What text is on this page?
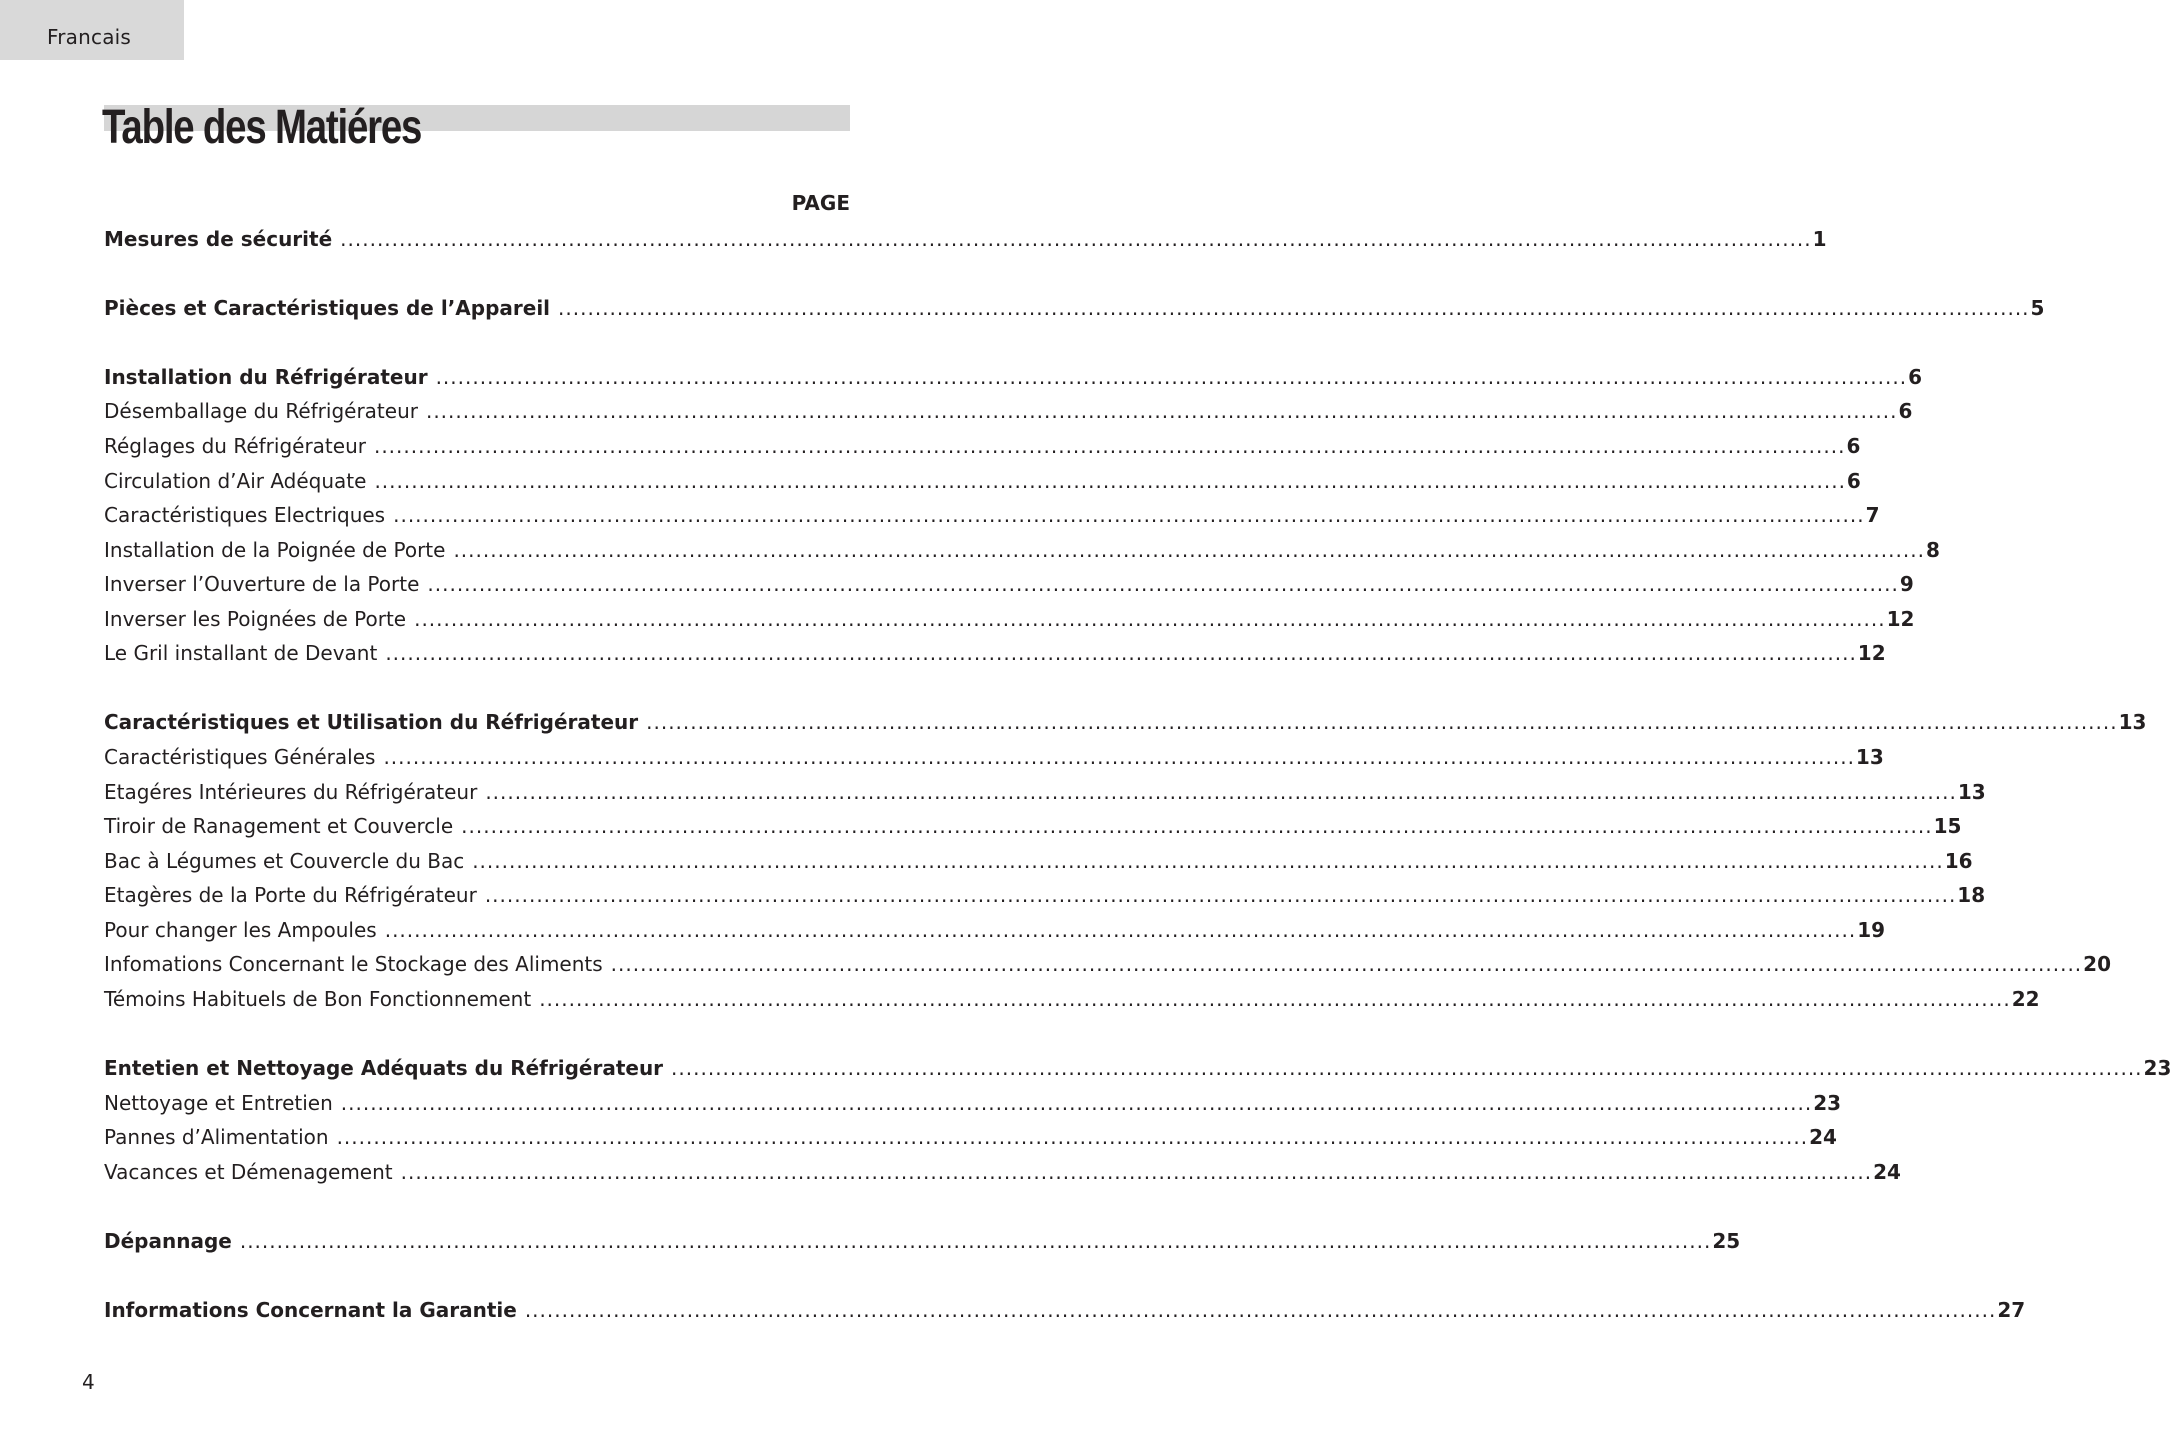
Francais
Table des Matiéres
PAGE
Mesures de sécurité ........................................................................................................................................................................................................ 1
Pièces et Caractéristiques de l’Appareil ........................................................................................................................................................................................................ 5
Installation du Réfrigérateur ........................................................................................................................................................................................................ 6
Désemballage du Réfrigérateur ........................................................................................................................................................................................................ 6
Réglages du Réfrigérateur ........................................................................................................................................................................................................ 6
Circulation d’Air Adéquate ........................................................................................................................................................................................................ 6
Caractéristiques Electriques ........................................................................................................................................................................................................ 7
Installation de la Poignée de Porte ........................................................................................................................................................................................................ 8
Inverser l’Ouverture de la Porte ........................................................................................................................................................................................................ 9
Inverser les Poignées de Porte ........................................................................................................................................................................................................ 12
Le Gril installant de Devant ........................................................................................................................................................................................................ 12
Caractéristiques et Utilisation du Réfrigérateur ........................................................................................................................................................................................................ 13
Caractéristiques Générales ........................................................................................................................................................................................................ 13
Etagéres Intérieures du Réfrigérateur ........................................................................................................................................................................................................ 13
Tiroir de Ranagement et Couvercle ........................................................................................................................................................................................................ 15
Bac à Légumes et Couvercle du Bac ........................................................................................................................................................................................................ 16
Etagères de la Porte du Réfrigérateur ........................................................................................................................................................................................................ 18
Pour changer les Ampoules ........................................................................................................................................................................................................ 19
Infomations Concernant le Stockage des Aliments ........................................................................................................................................................................................................ 20
Témoins Habituels de Bon Fonctionnement ........................................................................................................................................................................................................ 22
Entetien et Nettoyage Adéquats du Réfrigérateur ........................................................................................................................................................................................................ 23
Nettoyage et Entretien ........................................................................................................................................................................................................ 23
Pannes d’Alimentation ........................................................................................................................................................................................................ 24
Vacances et Démenagement ........................................................................................................................................................................................................ 24
Dépannage ........................................................................................................................................................................................................ 25
Informations Concernant la Garantie ........................................................................................................................................................................................................ 27
4
